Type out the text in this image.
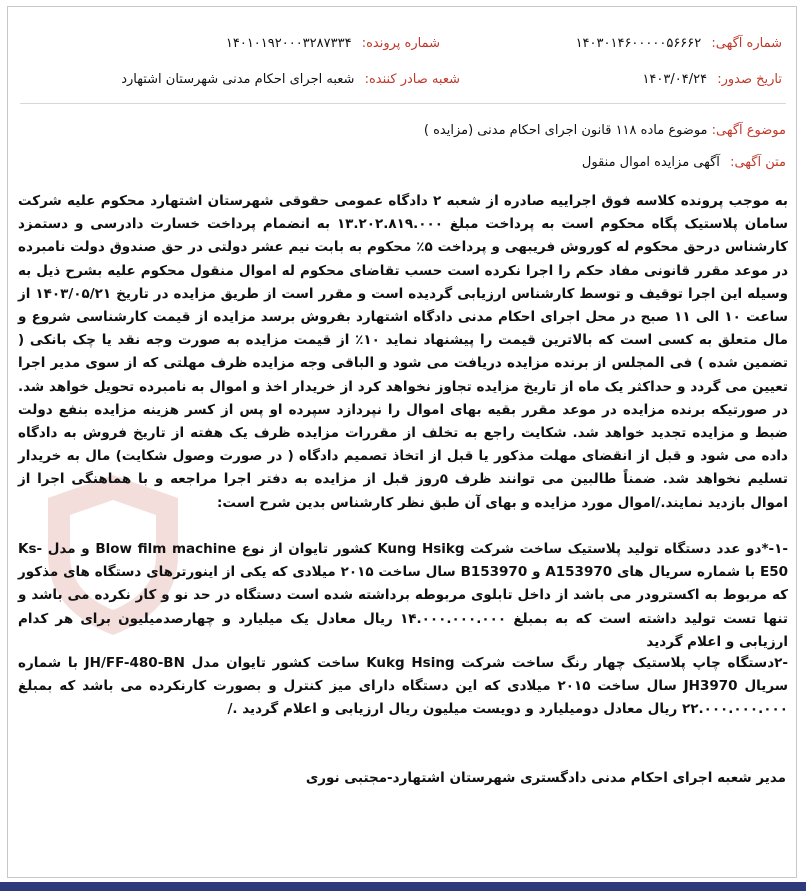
شماره آگهی: ۱۴۰۳۰۱۴۶۰۰۰۰۰۵۶۶۶۲
شماره پرونده: ۱۴۰۱۰۱۹۲۰۰۰۳۲۸۷۳۳۴
تاریخ صدور: ۱۴۰۳/۰۴/۲۴
شعبه صادر کننده: شعبه اجرای احکام مدنی شهرستان اشتهارد
موضوع آگهی: موضوع ماده ۱۱۸ قانون اجرای احکام مدنی (مزایده )
متن آگهی: آگهی مزایده اموال منقول
به موجب پرونده کلاسه فوق اجراییه صادره از شعبه ۲ دادگاه عمومی حقوقی شهرستان اشتهارد محکوم علیه شرکت سامان پلاستیک پگاه محکوم است به پرداخت مبلغ ۱۳.۲۰۲.۸۱۹.۰۰۰ به انضمام پرداخت خسارت دادرسی و دستمزد کارشناس درحق محکوم له کوروش فریبهی و پرداخت ۵٪ محکوم به بابت نیم عشر دولتی در حق صندوق دولت نامبرده در موعد مقرر قانونی مفاد حکم را اجرا نکرده است حسب تقاضای محکوم له اموال منقول محکوم علیه بشرح ذیل به وسیله این اجرا توقیف و توسط کارشناس ارزیابی گردیده است و مقرر است از طریق مزایده در تاریخ ۱۴۰۳/۰۵/۲۱ از ساعت ۱۰ الی ۱۱ صبح در محل اجرای احکام مدنی دادگاه اشتهارد بفروش برسد مزایده از قیمت کارشناسی شروع و مال متعلق به کسی است که بالاترین قیمت را پیشنهاد نماید ۱۰٪ از قیمت مزایده به صورت وجه نقد یا چک بانکی ( تضمین شده ) فی المجلس از برنده مزایده دریافت می شود و الباقی وجه مزایده ظرف مهلتی که از سوی مدیر اجرا تعیین می گردد و حداکثر یک ماه از تاریخ مزایده تجاوز نخواهد کرد از خریدار اخذ و اموال به نامبرده تحویل خواهد شد. در صورتیکه برنده مزایده در موعد مقرر بقیه بهای اموال را نپردازد سپرده او پس از کسر هزینه مزایده بنفع دولت ضبط و مزایده تجدید خواهد شد. شکایت راجع به تخلف از مقررات مزایده ظرف یک هفته از تاریخ فروش به دادگاه داده می شود و قبل از انقضای مهلت مذکور یا قبل از اتخاذ تصمیم دادگاه ( در صورت وصول شکایت) مال به خریدار تسلیم نخواهد شد. ضمناً طالبین می توانند ظرف ۵روز قبل از مزایده به دفتر اجرا مراجعه و با هماهنگی اجرا از اموال بازدید نمایند./اموال مورد مزایده و بهای آن طبق نظر کارشناس بدین شرح است:
-۱-*دو عدد دستگاه تولید پلاستیک ساخت شرکت Kung Hsikg کشور تایوان از نوع Blow film machine و مدل Ks-E50 با شماره سریال های A153970 و B153970 سال ساخت ۲۰۱۵ میلادی که یکی از اینورترهای دستگاه های مذکور که مربوط به اکسترودر می باشد از داخل تابلوی مربوطه برداشته شده است دستگاه در حد نو و کار نکرده می باشد و تنها تست تولید داشته است که به بمبلغ ۱۴.۰۰۰.۰۰۰.۰۰۰ ریال معادل یک میلیارد و چهارصدمیلیون برای هر کدام ارزیابی و اعلام گردید
-۲دستگاه چاپ پلاستیک چهار رنگ ساخت شرکت Kukg Hsing ساخت کشور تایوان مدل JH/FF-480-BN با شماره سریال JH3970 سال ساخت ۲۰۱۵ میلادی که این دستگاه دارای میز کنترل و بصورت کارنکرده می باشد که بمبلغ ۲۲.۰۰۰.۰۰۰.۰۰۰ ریال معادل دومیلیارد و دویست میلیون ریال ارزیابی و اعلام گردید ./
مدیر شعبه اجرای احکام مدنی دادگستری شهرستان اشتهارد-مجتبی نوری
